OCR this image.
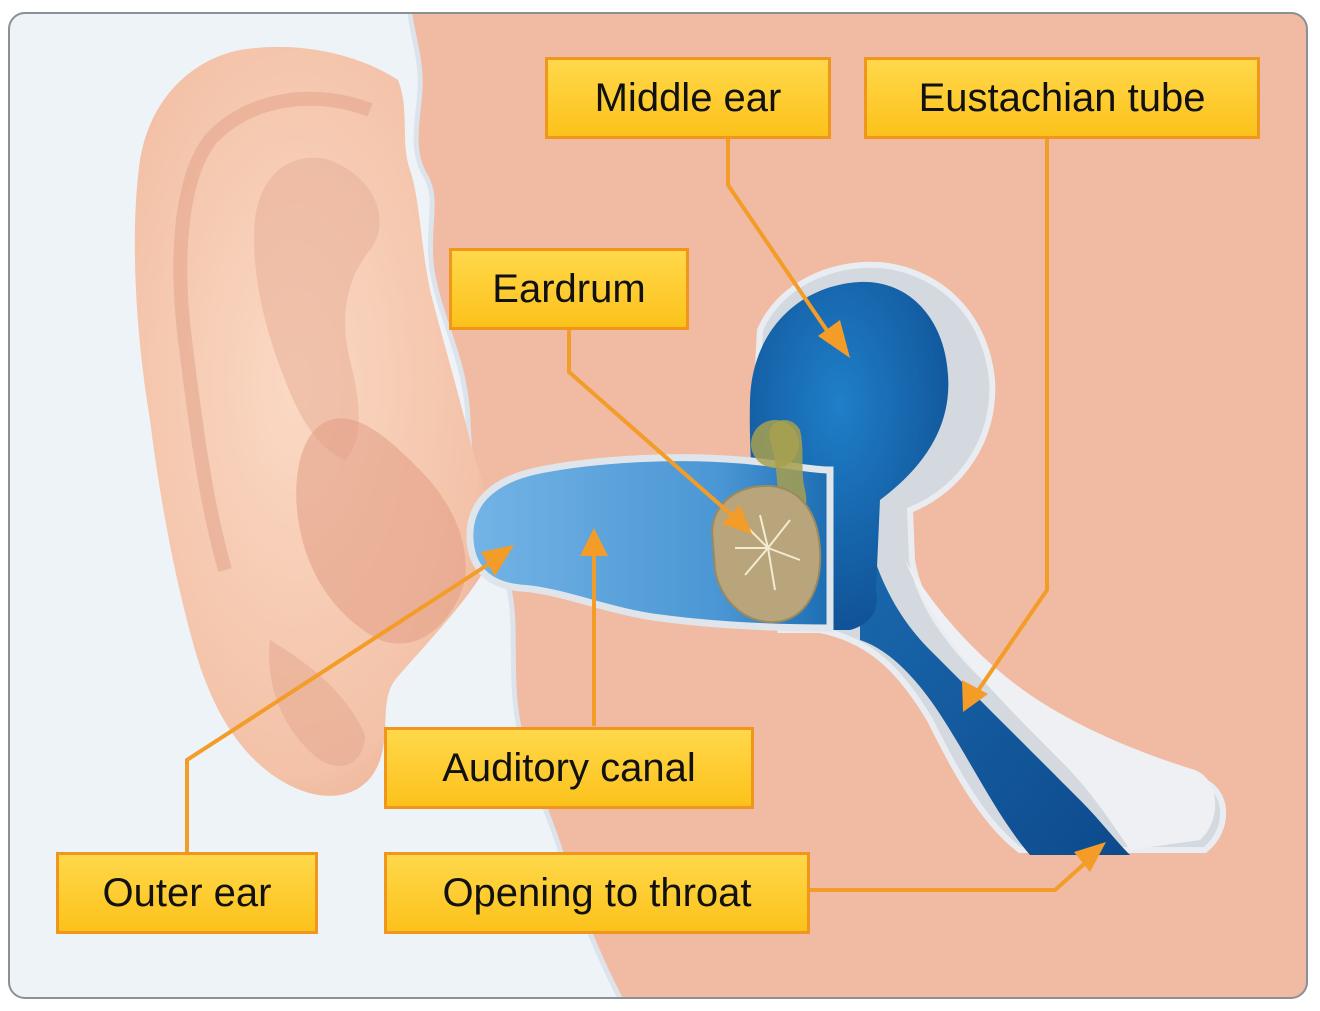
Middle ear	Eustachian tube
Eardrum
Auditory canal
Outer ear	Opening to throat
